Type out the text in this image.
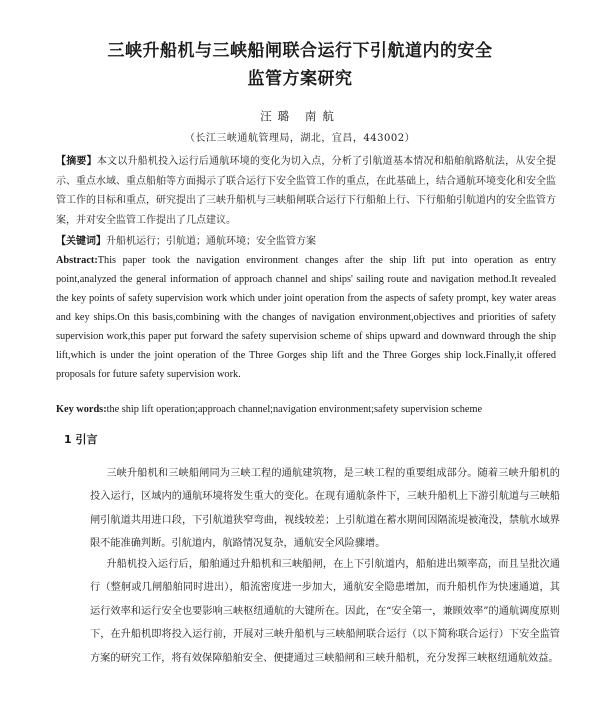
三峡升船机与三峡船闸联合运行下引航道内的安全
监管方案研究
汪璐 南航
（长江三峡通航管理局，湖北，宜昌，443002）
【摘要】本文以升船机投入运行后通航环境的变化为切入点，分析了引航道基本情况和船舶航路航法，从安全提示、重点水域、重点船舶等方面揭示了联合运行下安全监管工作的重点，在此基础上，结合通航环境变化和安全监管工作的目标和重点，研究提出了三峡升船机与三峡船闸联合运行下行船舶上行、下行船舶引航道内的安全监管方案，并对安全监管工作提出了几点建议。
【关键词】升船机运行；引航道；通航环境；安全监管方案
Abstract:This paper took the navigation environment changes after the ship lift put into operation as entry point,analyzed the general information of approach channel and ships' sailing route and navigation method.It revealed the key points of safety supervision work which under joint operation from the aspects of safety prompt, key water areas and key ships.On this basis,combining with the changes of navigation environment,objectives and priorities of safety supervision work,this paper put forward the safety supervision scheme of ships upward and downward through the ship lift,which is under the joint operation of the Three Gorges ship lift and the Three Gorges ship lock.Finally,it offered proposals for future safety supervision work.
Key words:the ship lift operation;approach channel;navigation environment;safety supervision scheme
1 引言
三峡升船机和三峡船闸同为三峡工程的通航建筑物，是三峡工程的重要组成部分。随着三峡升船机的投入运行，区域内的通航环境将发生重大的变化。在现有通航条件下，三峡升船机上下游引航道与三峡船闸引航道共用进口段，下引航道狭窄弯曲，视线较差；上引航道在蓄水期间因隔流堤被淹没，禁航水域界限不能准确判断。引航道内，航路情况复杂，通航安全风险骤增。
升船机投入运行后，船舶通过升船机和三峡船闸，在上下引航道内，船舶进出频率高，而且呈批次通行（整舸或几闸船舶同时进出），船流密度进一步加大，通航安全隐患增加，而升船机作为快速通道，其运行效率和运行安全也要影响三峡枢纽通航的大键所在。因此，在“安全第一，兼顾效率”的通航调度原则下，在升船机即将投入运行前，开展对三峡升船机与三峡船闸联合运行（以下简称联合运行）下安全监管方案的研究工作，将有效保障船舶安全、便捷通过三峡船闸和三峡升船机，充分发挥三峡枢纽通航效益。
